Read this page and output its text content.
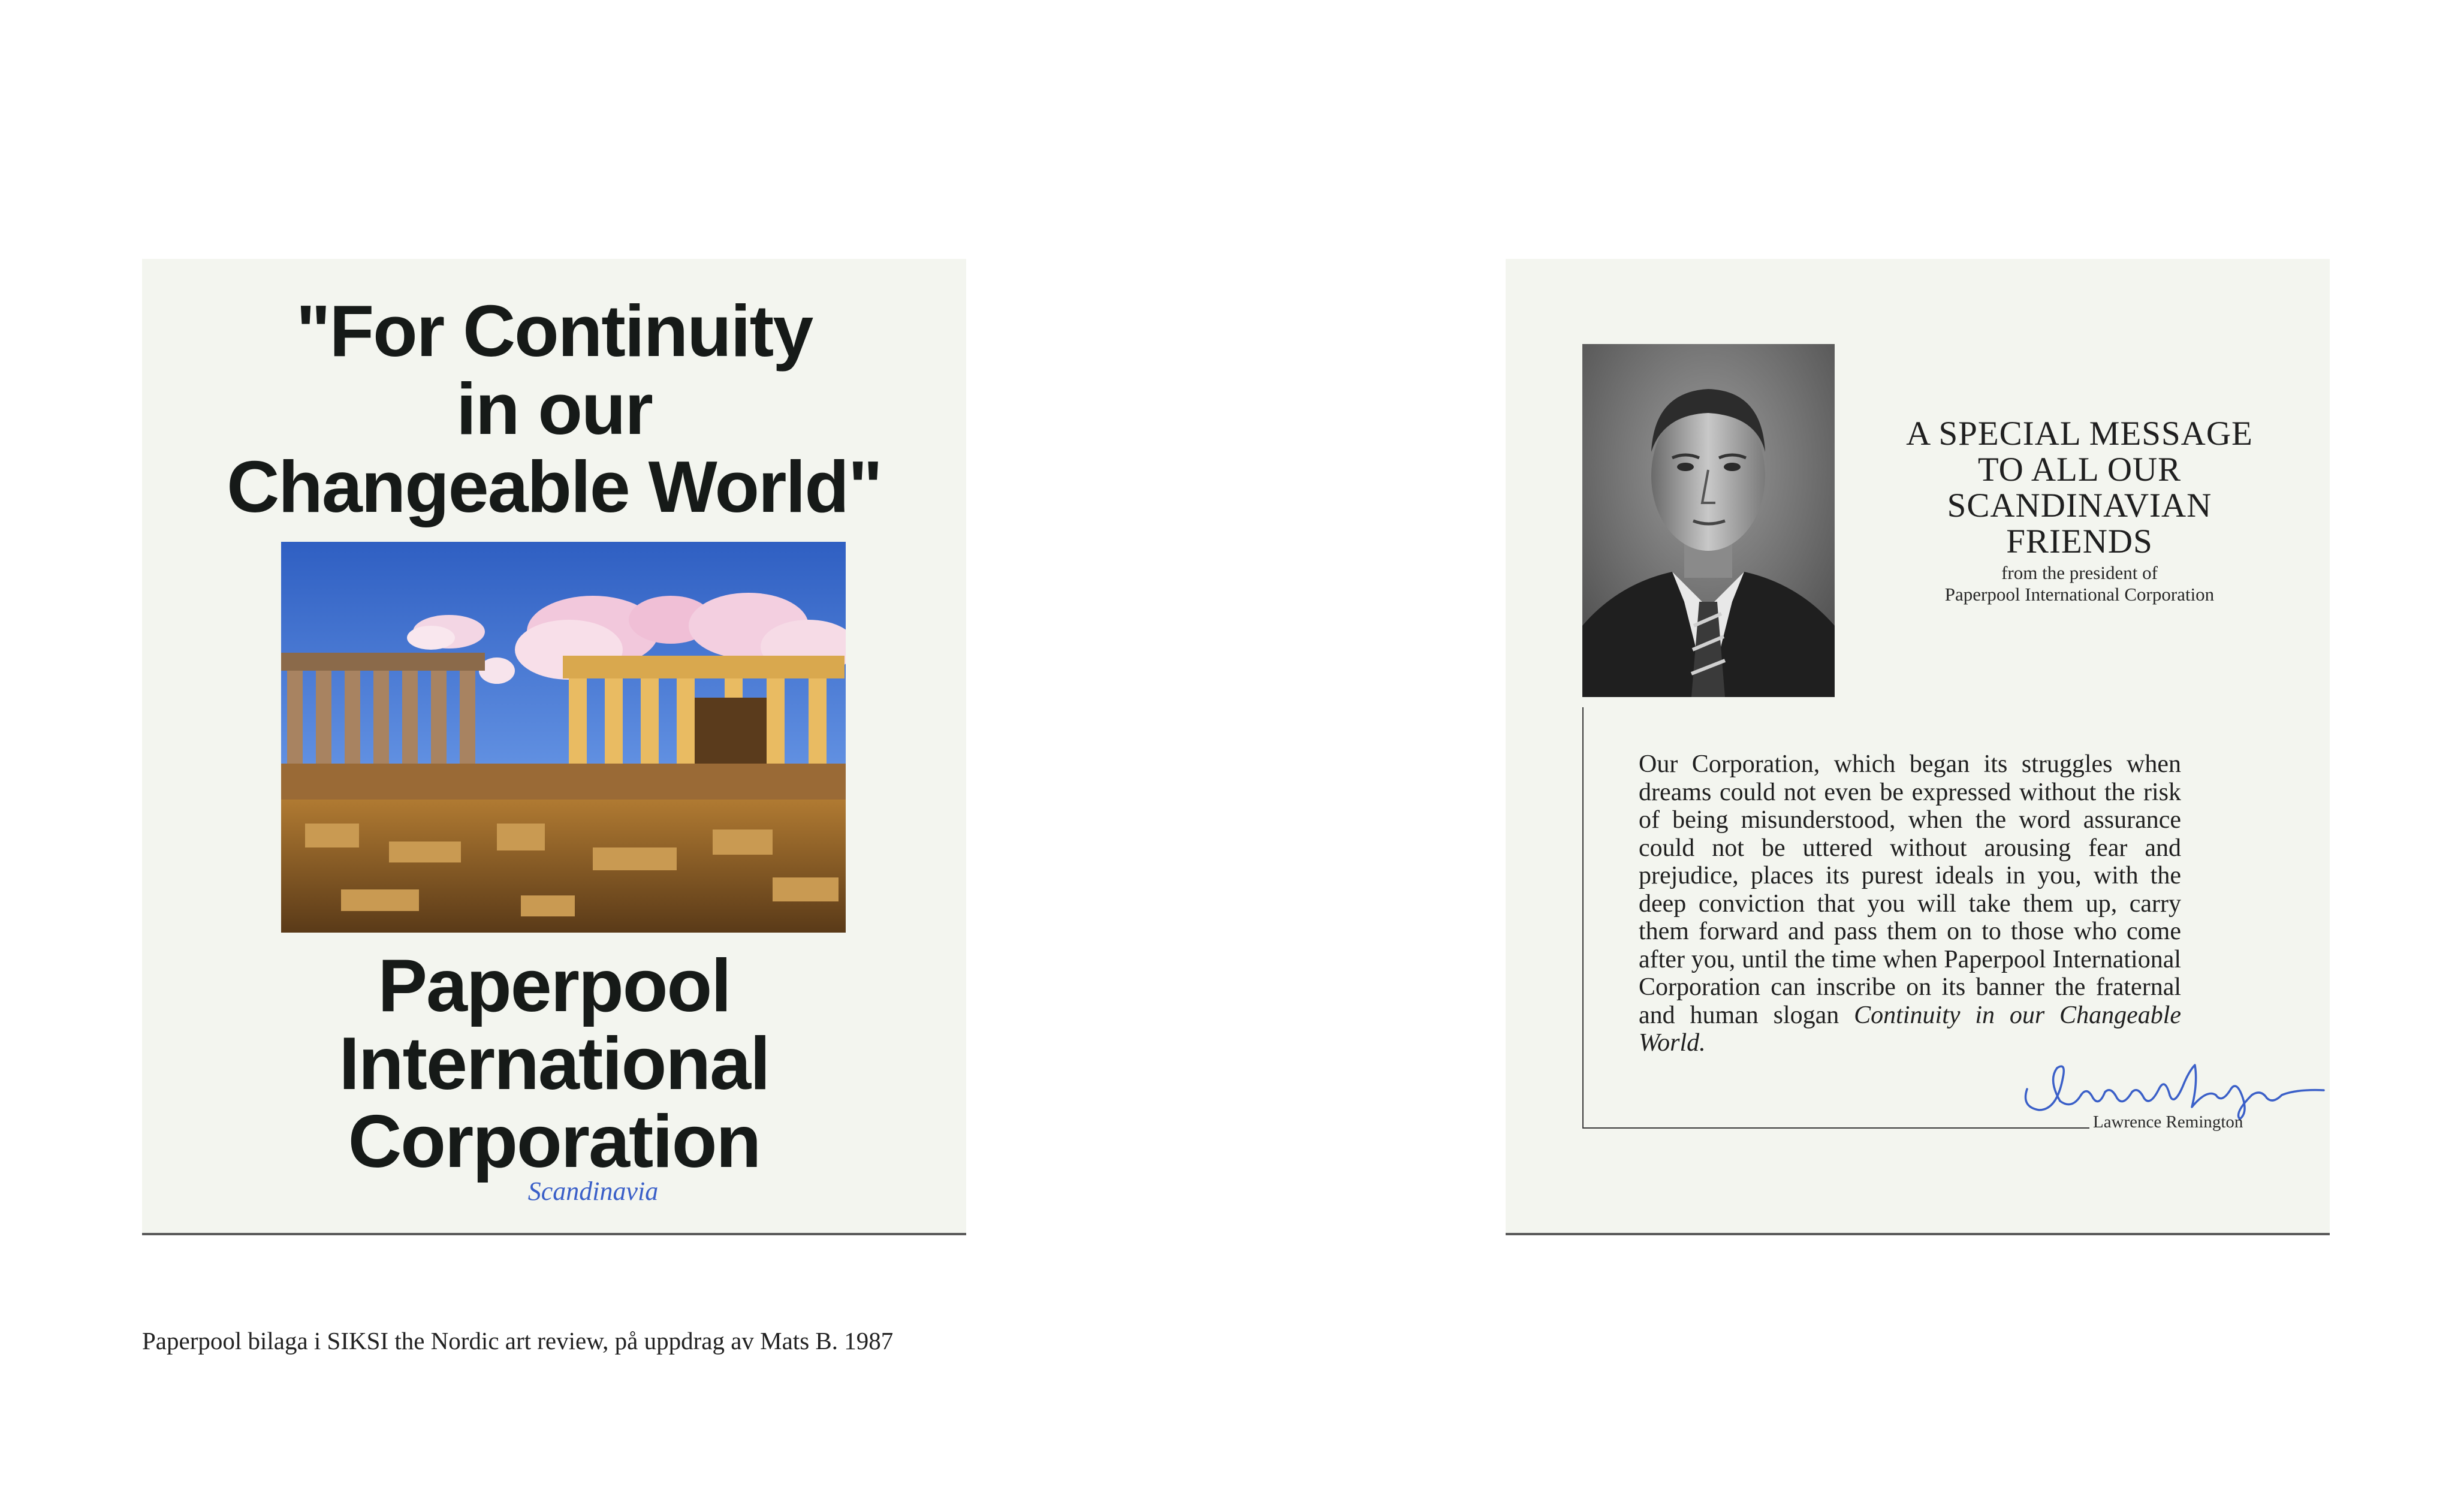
"For Continuity
in our
Changeable World"
Paperpool
International
Corporation
Scandinavia
A SPECIAL MESSAGE
TO ALL OUR
SCANDINAVIAN
FRIENDS
from the president of
Paperpool International Corporation
Our Corporation, which began its struggles when dreams could not even be expressed without the risk of being misunderstood, when the word assurance could not be uttered without arousing fear and prejudice, places its purest ideals in you, with the deep conviction that you will take them up, carry them forward and pass them on to those who come after you, until the time when Paperpool International Corporation can inscribe on its banner the fraternal and human slogan Continuity in our Changeable World.
Lawrence Remington
Paperpool bilaga i SIKSI the Nordic art review, på uppdrag av Mats B. 1987
